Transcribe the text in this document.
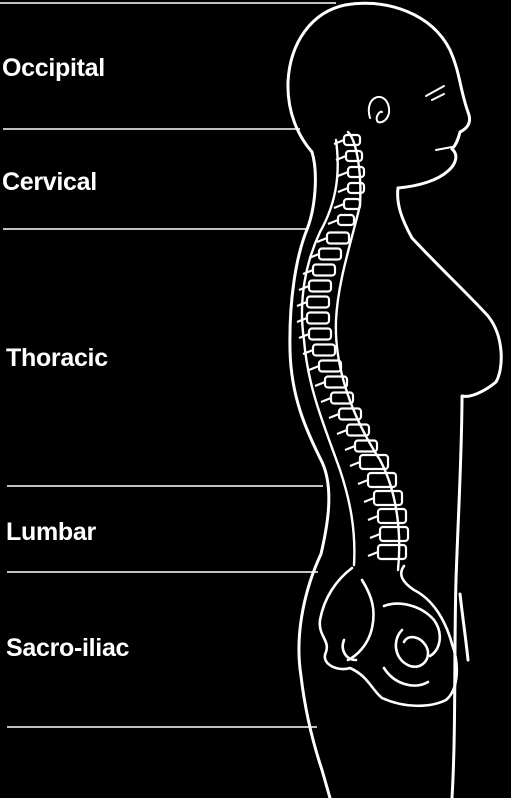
Occipital

Cervical

Thoracic

Lumbar

Sacro-iliac
